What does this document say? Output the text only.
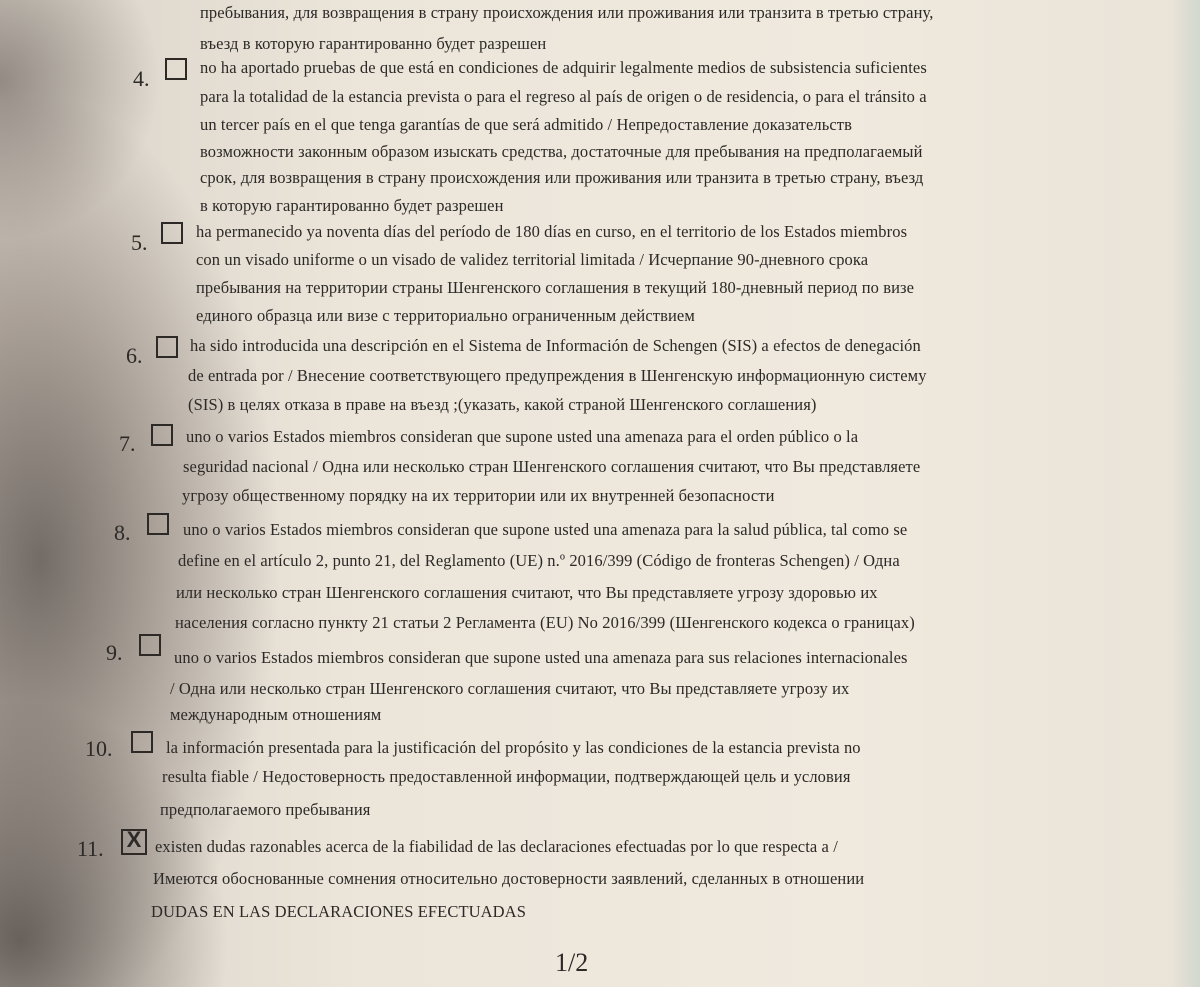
пребывания, для возвращения в страну происхождения или проживания или транзита в третью страну,
въезд в которую гарантированно будет разрешен
4.	no ha aportado pruebas de que está en condiciones de adquirir legalmente medios de subsistencia suficientes
para la totalidad de la estancia prevista o para el regreso al país de origen o de residencia, o para el tránsito a
un tercer país en el que tenga garantías de que será admitido / Непредоставление доказательств
возможности законным образом изыскать средства, достаточные для пребывания на предполагаемый
срок, для возвращения в страну происхождения или проживания или транзита в третью страну, въезд
в которую гарантированно будет разрешен
5.	ha permanecido ya noventa días del período de 180 días en curso, en el territorio de los Estados miembros
con un visado uniforme o un visado de validez territorial limitada / Исчерпание 90-дневного срока
пребывания на территории страны Шенгенского соглашения в текущий 180-дневный период по визе
единого образца или визе с территориально ограниченным действием
6.	ha sido introducida una descripción en el Sistema de Información de Schengen (SIS) a efectos de denegación
de entrada por / Внесение соответствующего предупреждения в Шенгенскую информационную систему
(SIS) в целях отказа в праве на въезд ;(указать, какой страной Шенгенского соглашения)
7.	uno o varios Estados miembros consideran que supone usted una amenaza para el orden público o la
seguridad nacional / Одна или несколько стран Шенгенского соглашения считают, что Вы представляете
угрозу общественному порядку на их территории или их внутренней безопасности
8.	uno o varios Estados miembros consideran que supone usted una amenaza para la salud pública, tal como se
define en el artículo 2, punto 21, del Reglamento (UE) n.º 2016/399 (Código de fronteras Schengen) / Одна
или несколько стран Шенгенского соглашения считают, что Вы представляете угрозу здоровью их
населения согласно пункту 21 статьи 2 Регламента (EU) No 2016/399 (Шенгенского кодекса о границах)
9.	uno o varios Estados miembros consideran que supone usted una amenaza para sus relaciones internacionales
/ Одна или несколько стран Шенгенского соглашения считают, что Вы представляете угрозу их
международным отношениям
10.	la información presentada para la justificación del propósito y las condiciones de la estancia prevista no
resulta fiable / Недостоверность предоставленной информации, подтверждающей цель и условия
предполагаемого пребывания
11. X existen dudas razonables acerca de la fiabilidad de las declaraciones efectuadas por lo que respecta a /
Имеются обоснованные сомнения относительно достоверности заявлений, сделанных в отношении
DUDAS EN LAS DECLARACIONES EFECTUADAS
1/2
